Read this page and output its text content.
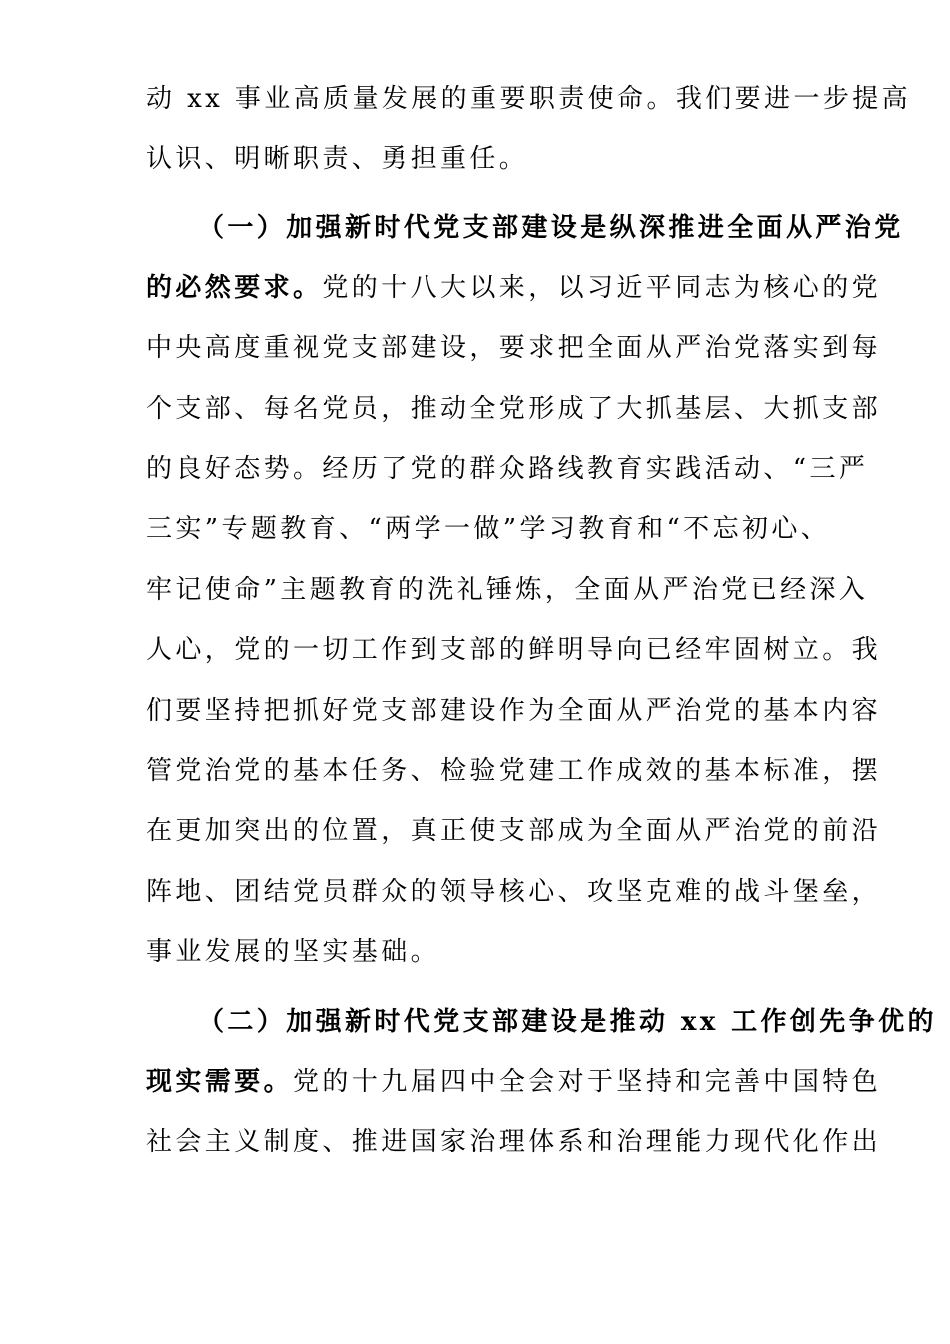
动 xx 事业高质量发展的重要职责使命。我们要进一步提高
认识、明晰职责、勇担重任。
（一）加强新时代党支部建设是纵深推进全面从严治党
的必然要求。党的十八大以来，以习近平同志为核心的党
中央高度重视党支部建设，要求把全面从严治党落实到每
个支部、每名党员，推动全党形成了大抓基层、大抓支部
的良好态势。经历了党的群众路线教育实践活动、“三严
三实”专题教育、“两学一做”学习教育和“不忘初心、
牢记使命”主题教育的洗礼锤炼，全面从严治党已经深入
人心，党的一切工作到支部的鲜明导向已经牢固树立。我
们要坚持把抓好党支部建设作为全面从严治党的基本内容
管党治党的基本任务、检验党建工作成效的基本标准，摆
在更加突出的位置，真正使支部成为全面从严治党的前沿
阵地、团结党员群众的领导核心、攻坚克难的战斗堡垒，
事业发展的坚实基础。
（二）加强新时代党支部建设是推动 xx 工作创先争优的
现实需要。党的十九届四中全会对于坚持和完善中国特色
社会主义制度、推进国家治理体系和治理能力现代化作出
